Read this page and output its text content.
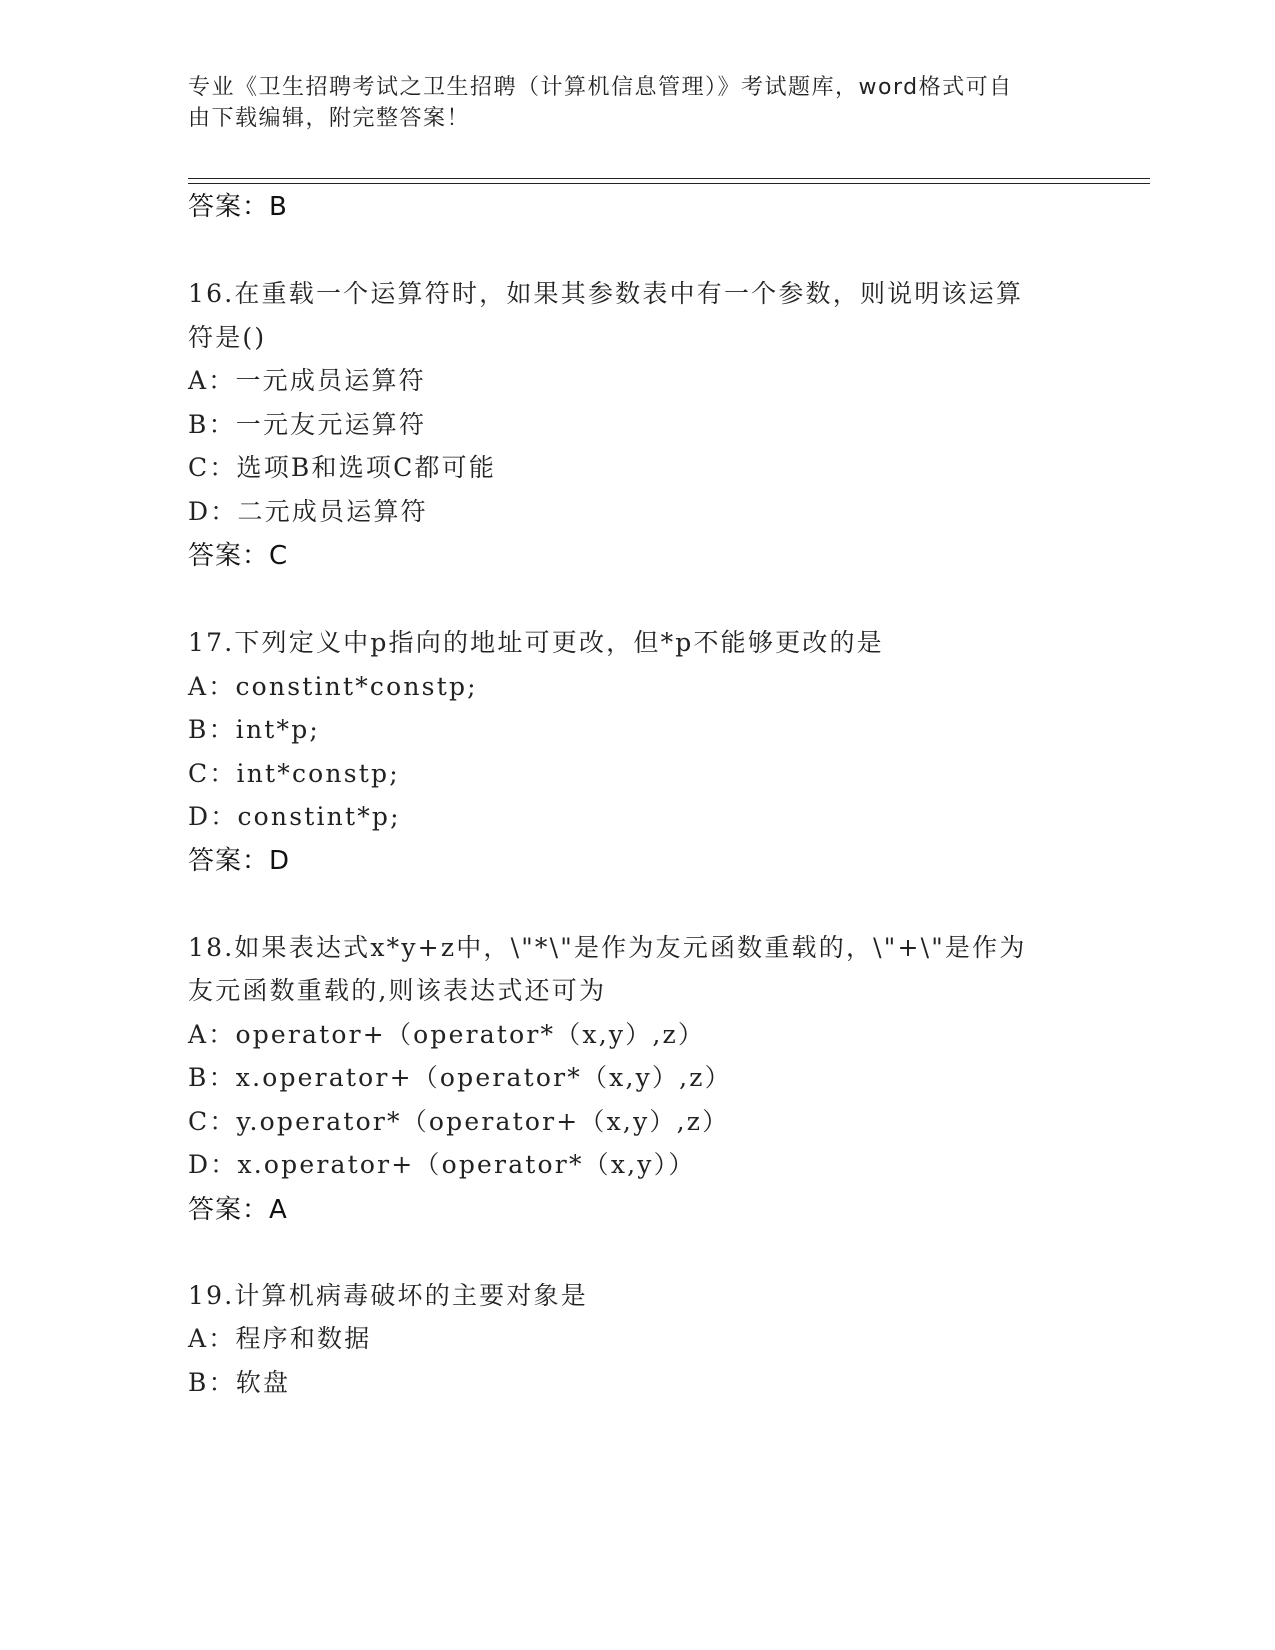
专业《卫生招聘考试之卫生招聘（计算机信息管理）》考试题库，word格式可自
由下载编辑，附完整答案！
答案：B
16.在重载一个运算符时，如果其参数表中有一个参数，则说明该运算
符是()
A：一元成员运算符
B：一元友元运算符
C：选项B和选项C都可能
D：二元成员运算符
答案：C
17.下列定义中p指向的地址可更改，但*p不能够更改的是
A：constint*constp;
B：int*p;
C：int*constp;
D：constint*p;
答案：D
18.如果表达式x*y+z中，\"*\"是作为友元函数重载的，\"+\"是作为
友元函数重载的,则该表达式还可为
A：operator+（operator*（x,y）,z）
B：x.operator+（operator*（x,y）,z）
C：y.operator*（operator+（x,y）,z）
D：x.operator+（operator*（x,y））
答案：A
19.计算机病毒破坏的主要对象是
A：程序和数据
B：软盘
